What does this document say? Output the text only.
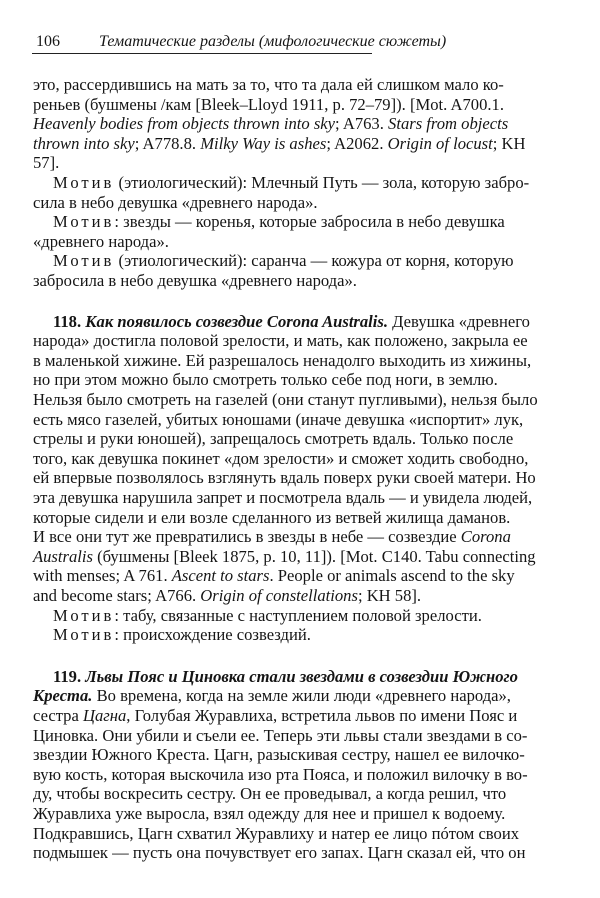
106 Тематические разделы (мифологические сюжеты)
это, рассердившись на мать за то, что та дала ей слишком мало ко-
реньев (бушмены /кам [Bleek–Lloyd 1911, p. 72–79]). [Mot. A700.1.
Heavenly bodies from objects thrown into sky; A763. Stars from objects
thrown into sky; A778.8. Milky Way is ashes; A2062. Origin of locust; KH
57].
Мотив (этиологический): Млечный Путь — зола, которую забро-
сила в небо девушка «древнего народа».
Мотив: звезды — коренья, которые забросила в небо девушка
«древнего народа».
Мотив (этиологический): саранча — кожура от корня, которую
забросила в небо девушка «древнего народа».
118. Как появилось созвездие Corona Australis. Девушка «древнего
народа» достигла половой зрелости, и мать, как положено, закрыла ее
в маленькой хижине. Ей разрешалось ненадолго выходить из хижины,
но при этом можно было смотреть только себе под ноги, в землю.
Нельзя было смотреть на газелей (они станут пугливыми), нельзя было
есть мясо газелей, убитых юношами (иначе девушка «испортит» лук,
стрелы и руки юношей), запрещалось смотреть вдаль. Только после
того, как девушка покинет «дом зрелости» и сможет ходить свободно,
ей впервые позволялось взглянуть вдаль поверх руки своей матери. Но
эта девушка нарушила запрет и посмотрела вдаль — и увидела людей,
которые сидели и ели возле сделанного из ветвей жилища даманов.
И все они тут же превратились в звезды в небе — созвездие Corona
Australis (бушмены [Bleek 1875, p. 10, 11]). [Mot. C140. Tabu connecting
with menses; A 761. Ascent to stars. People or animals ascend to the sky
and become stars; A766. Origin of constellations; KH 58].
Мотив: табу, связанные с наступлением половой зрелости.
Мотив: происхождение созвездий.
119. Львы Пояс и Циновка стали звездами в созвездии Южного
Креста. Во времена, когда на земле жили люди «древнего народа»,
сестра Цагна, Голубая Журавлиха, встретила львов по имени Пояс и
Циновка. Они убили и съели ее. Теперь эти львы стали звездами в со-
звездии Южного Креста. Цагн, разыскивая сестру, нашел ее вилочко-
вую кость, которая выскочила изо рта Пояса, и положил вилочку в во-
ду, чтобы воскресить сестру. Он ее проведывал, а когда решил, что
Журавлиха уже выросла, взял одежду для нее и пришел к водоему.
Подкравшись, Цагн схватил Журавлиху и натер ее лицо пóтом своих
подмышек — пусть она почувствует его запах. Цагн сказал ей, что он
